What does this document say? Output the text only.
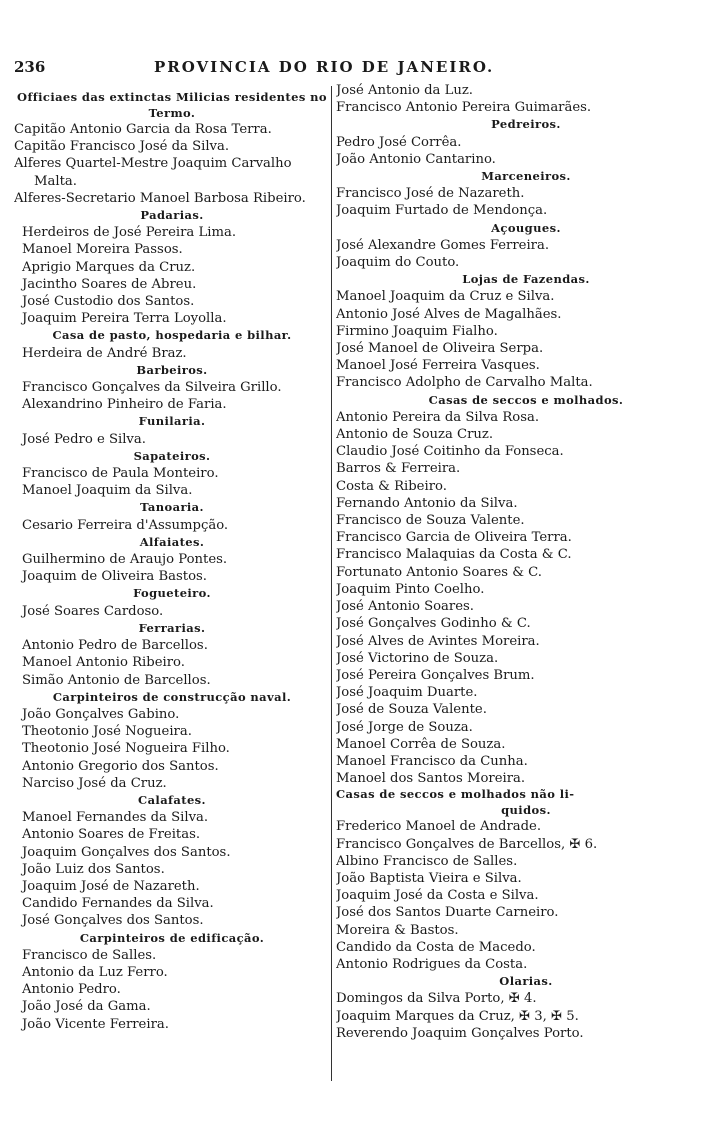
236	PROVINCIA DO RIO DE JANEIRO.
Officiaes das extinctas Milicias residentes no Termo.
Capitão Antonio Garcia da Rosa Terra.
Capitão Francisco José da Silva.
Alferes Quartel-Mestre Joaquim Carvalho
Malta.
Alferes-Secretario Manoel Barbosa Ribeiro.
Padarias.
Herdeiros de José Pereira Lima.
Manoel Moreira Passos.
Aprigio Marques da Cruz.
Jacintho Soares de Abreu.
José Custodio dos Santos.
Joaquim Pereira Terra Loyolla.
Casa de pasto, hospedaria e bilhar.
Herdeira de André Braz.
Barbeiros.
Francisco Gonçalves da Silveira Grillo.
Alexandrino Pinheiro de Faria.
Funilaria.
José Pedro e Silva.
Sapateiros.
Francisco de Paula Monteiro.
Manoel Joaquim da Silva.
Tanoaria.
Cesario Ferreira d'Assumpção.
Alfaiates.
Guilhermino de Araujo Pontes.
Joaquim de Oliveira Bastos.
Fogueteiro.
José Soares Cardoso.
Ferrarias.
Antonio Pedro de Barcellos.
Manoel Antonio Ribeiro.
Simão Antonio de Barcellos.
Carpinteiros de construcção naval.
João Gonçalves Gabino.
Theotonio José Nogueira.
Theotonio José Nogueira Filho.
Antonio Gregorio dos Santos.
Narciso José da Cruz.
Calafates.
Manoel Fernandes da Silva.
Antonio Soares de Freitas.
Joaquim Gonçalves dos Santos.
João Luiz dos Santos.
Joaquim José de Nazareth.
Candido Fernandes da Silva.
José Gonçalves dos Santos.
Carpinteiros de edificação.
Francisco de Salles.
Antonio da Luz Ferro.
Antonio Pedro.
João José da Gama.
João Vicente Ferreira.
José Antonio da Luz.
Francisco Antonio Pereira Guimarães.
Pedreiros.
Pedro José Corrêa.
João Antonio Cantarino.
Marceneiros.
Francisco José de Nazareth.
Joaquim Furtado de Mendonça.
Açougues.
José Alexandre Gomes Ferreira.
Joaquim do Couto.
Lojas de Fazendas.
Manoel Joaquim da Cruz e Silva.
Antonio José Alves de Magalhães.
Firmino Joaquim Fialho.
José Manoel de Oliveira Serpa.
Manoel José Ferreira Vasques.
Francisco Adolpho de Carvalho Malta.
Casas de seccos e molhados.
Antonio Pereira da Silva Rosa.
Antonio de Souza Cruz.
Claudio José Coitinho da Fonseca.
Barros & Ferreira.
Costa & Ribeiro.
Fernando Antonio da Silva.
Francisco de Souza Valente.
Francisco Garcia de Oliveira Terra.
Francisco Malaquias da Costa & C.
Fortunato Antonio Soares & C.
Joaquim Pinto Coelho.
José Antonio Soares.
José Gonçalves Godinho & C.
José Alves de Avintes Moreira.
José Victorino de Souza.
José Pereira Gonçalves Brum.
José Joaquim Duarte.
José de Souza Valente.
José Jorge de Souza.
Manoel Corrêa de Souza.
Manoel Francisco da Cunha.
Manoel dos Santos Moreira.
Casas de seccos e molhados não li-
quidos.
Frederico Manoel de Andrade.
Francisco Gonçalves de Barcellos, ✠ 6.
Albino Francisco de Salles.
João Baptista Vieira e Silva.
Joaquim José da Costa e Silva.
José dos Santos Duarte Carneiro.
Moreira & Bastos.
Candido da Costa de Macedo.
Antonio Rodrigues da Costa.
Olarias.
Domingos da Silva Porto, ✠ 4.
Joaquim Marques da Cruz, ✠ 3, ✠ 5.
Reverendo Joaquim Gonçalves Porto.
